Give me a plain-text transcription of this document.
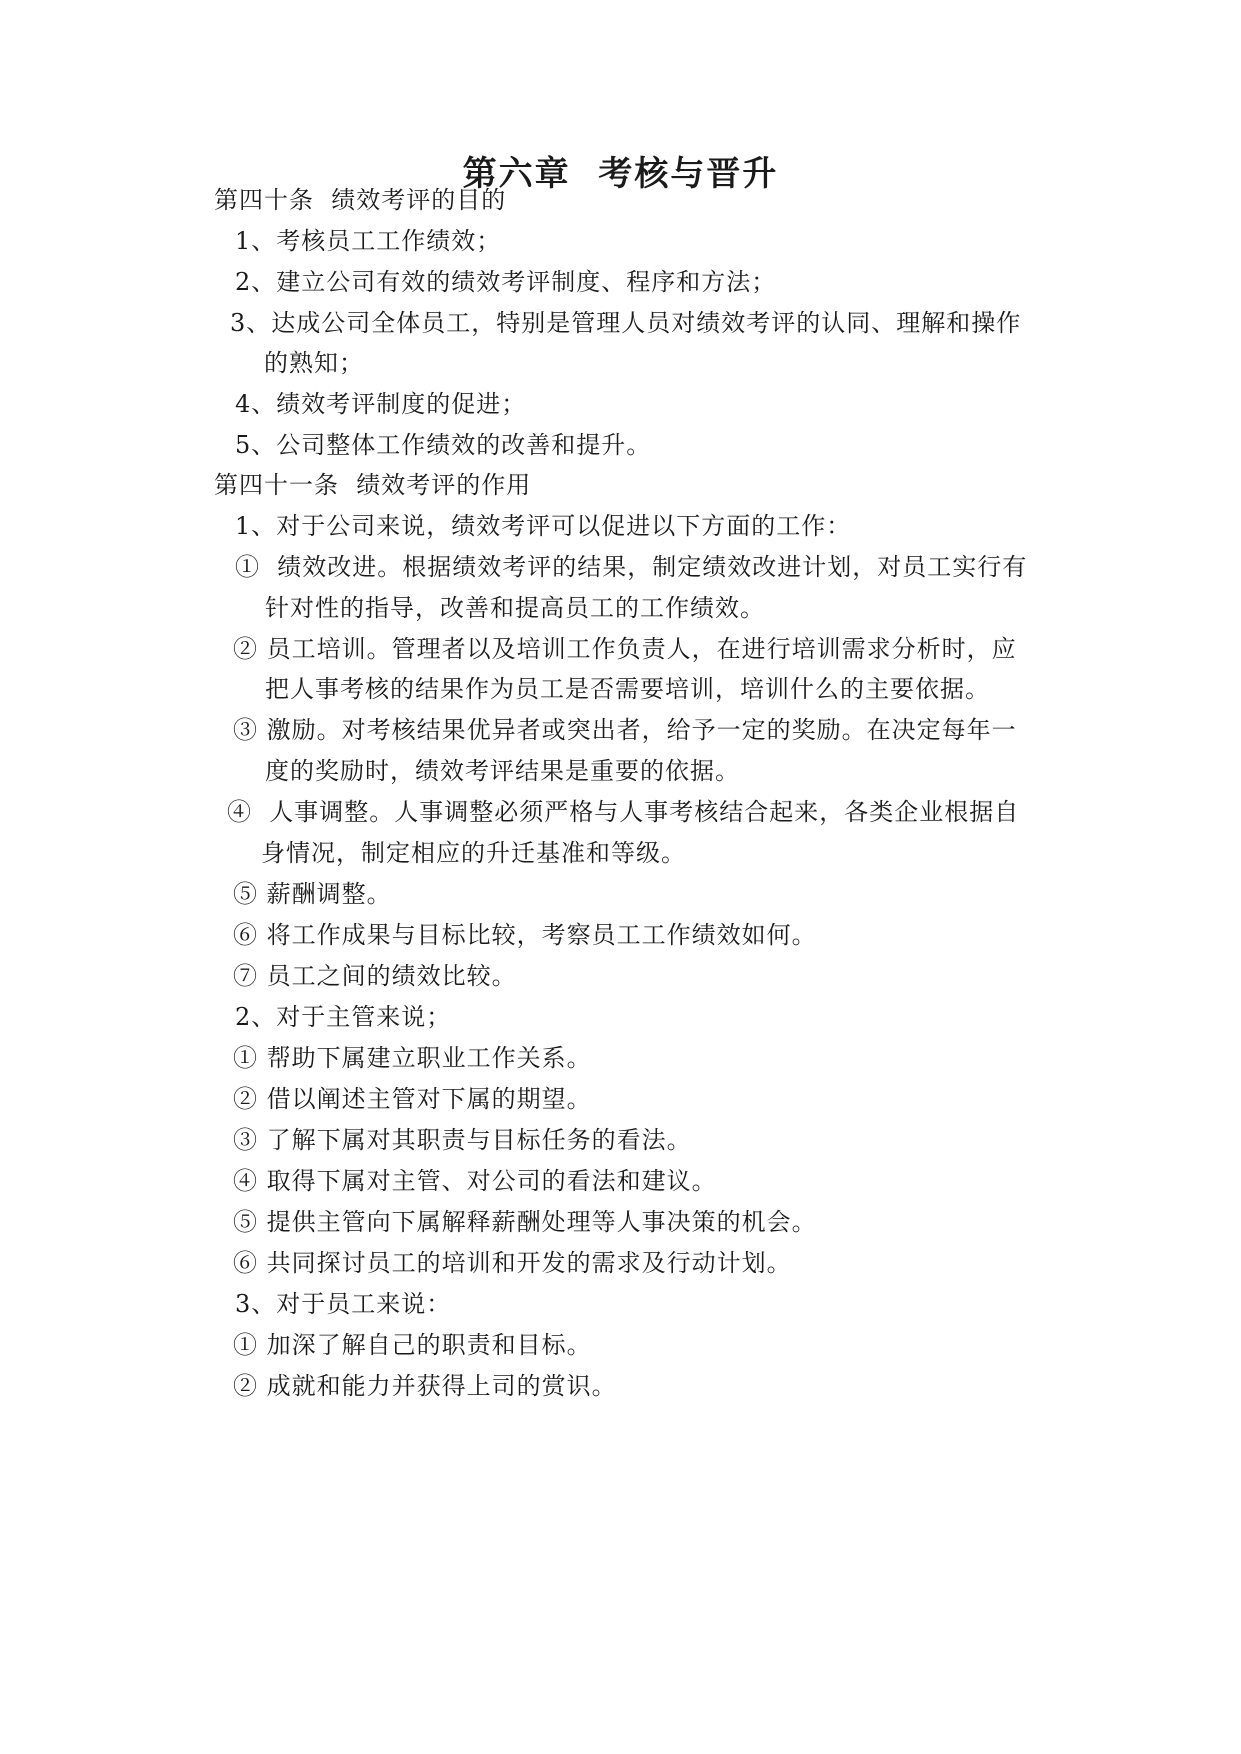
第六章  考核与晋升
第四十条  绩效考评的目的
1、考核员工工作绩效；
2、建立公司有效的绩效考评制度、程序和方法；
3、达成公司全体员工，特别是管理人员对绩效考评的认同、理解和操作
的熟知；
4、绩效考评制度的促进；
5、公司整体工作绩效的改善和提升。
第四十一条  绩效考评的作用
1、对于公司来说，绩效考评可以促进以下方面的工作：
①  绩效改进。根据绩效考评的结果，制定绩效改进计划，对员工实行有
针对性的指导，改善和提高员工的工作绩效。
② 员工培训。管理者以及培训工作负责人，在进行培训需求分析时，应
把人事考核的结果作为员工是否需要培训，培训什么的主要依据。
③ 激励。对考核结果优异者或突出者，给予一定的奖励。在决定每年一
度的奖励时，绩效考评结果是重要的依据。
④  人事调整。人事调整必须严格与人事考核结合起来，各类企业根据自
身情况，制定相应的升迁基准和等级。
⑤ 薪酬调整。
⑥ 将工作成果与目标比较，考察员工工作绩效如何。
⑦ 员工之间的绩效比较。
2、对于主管来说；
① 帮助下属建立职业工作关系。
② 借以阐述主管对下属的期望。
③ 了解下属对其职责与目标任务的看法。
④ 取得下属对主管、对公司的看法和建议。
⑤ 提供主管向下属解释薪酬处理等人事决策的机会。
⑥ 共同探讨员工的培训和开发的需求及行动计划。
3、对于员工来说：
① 加深了解自己的职责和目标。
② 成就和能力并获得上司的赏识。
